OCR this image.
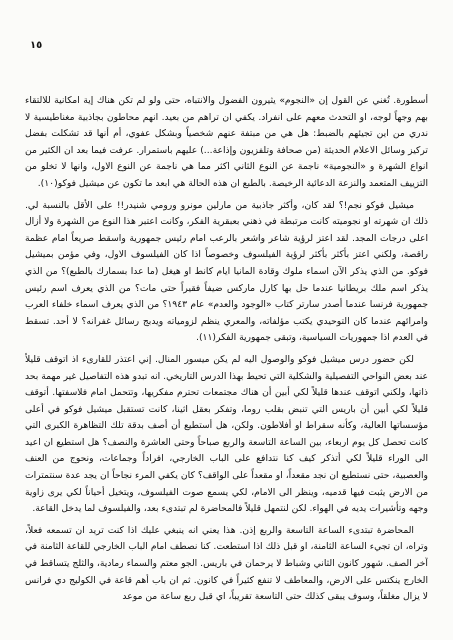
١٥

أسطورة. تُغني عن القول إن «النجوم» يثيرون الفضول والانتباه، حتى ولو لم تكن هناك إية امكانية للالتقاء بهم وجهاً لوجه، او التحدث معهم على انفراد. يكفي ان تراهم من بعيد. انهم محاطون بجاذبية مغناطيسية لا ندري من اين تجيئهم بالضبط: هل هي من مبتفة عنهم شخصياً وبشكل عفوي، أم أنها قد تشكلت بفضل تركيز وسائل الاعلام الحديثة (من صحافة وتلفزيون وإذاعة...) عليهم باستمرار. عرفت فيما بعد ان الكثير من انواع الشهرة و «النجومية» ناجمة عن النوع الثاني اكثر مما هي ناجمة عن النوع الاول، وانها لا تخلو من التزييف المتعمد والنزعة الدعائية الرخيصة. بالطبع ان هذه الحالة هي ابعد ما تكون عن ميشيل فوكو(١٠).

ميشيل فوكو نجم!؟ لقد كان، وأكثر جاذبية من مارلين مونرو ورومي شنيدر!! على الأقل بالنسبة لي. ذلك ان شهرته او نجوميته كانت مرتبطة في ذهني بعبقرية الفكر، وكانت اعتبر هذا النوع من الشهرة ولا أزال اعلى درجات المجد. لقد اعتز لرؤية شاعر واشعر بالرعب امام رئيس جمهورية واسقط صريعاً امام عظمة راقصة، ولكني اعتز بأكثر بأكثر لرؤية الفيلسوف وخصوصاً اذا كان الفيلسوف الاول، وفي مؤمن بميشيل فوكو. من الذي يذكر الآن اسماء ملوك وقادة المانيا ايام كانط او هيغل (ما عدا بسمارك بالطبع)؟ من الذي يذكر اسم ملك بريطانيا عندما حل بها كارل ماركس ضيفاً فقيراً حتى مات؟ من الذي يعرف اسم رئيس جمهورية فرنسا عندما أصدر سارتر كتاب «الوجود والعدم» عام ١٩٤٣؟ من الذي يعرف اسماء خلفاء العرب وامرائهم عندما كان التوحيدي يكتب مؤلفاته، والمعري ينظم لزومياته ويدبج رسائل غفرانه؟ لا أحد. تسقط في العدم اذا جمهوريات السياسية، وتبقى جمهورية الفكر(١١).

لكن حضور درس ميشيل فوكو والوصول اليه لم يكن ميسور المنال. إني اعتذر للقارىء اذ اتوقف قليلاً عند بعض النواحي التفصيلية والشكلية التي تحيط بهذا الدرس التاريخي. انه تبدو هذه التفاصيل غير مهمة بحد ذاتها، ولكني اتوقف عندها قليلاً لكي أبين أن هناك مجتمعات تحترم مفكريها، وتتحمل امام فلاسفتها. أتوقف قليلاً لكي أبين أن باريس التي تنبض بقلب روما، وتفكر بعقل اثينا، كانت تستقبل ميشيل فوكو في أعلى مؤسساتها العالية، وكأنه سقراط او أفلاطون. ولكن، هل أستطيع أن أصف بدقة تلك التظاهرة الكبرى التي كانت تحصل كل يوم اربعاء، بين الساعة التاسعة والربع صباحاً وحتى العاشرة والنصف؟ هل استطيع ان اعيد الى الوراء قليلاً لكي أتذكر كيف كنا نتدافع على الباب الخارجي، افراداً وجماعات، ونحوج من العنف والعصبية، حتى نستطيع ان نجد مقعداً، او مقعداً على الواقف؟ كان يكفي المرء نجاحاً ان يجد عدة سنتمترات من الارض يثبت فيها قدميه، وينظر الى الامام، لكي يسمع صوت الفيلسوف، ويتخيل أحياناً لكي يرى زاوية وجهه وتأشيرات يديه في الهواء. لكن لنتمهل قليلاً فالمحاضرة لم تبتدىء بعد، والفيلسوف لما يدخل القاعة.

المحاضرة تبتدىء الساعة التاسعة والربع إذن. هذا يعني انه ينبغي عليك اذا كنت تريد ان تسمعه فعلاً، وتراه، ان تجيء الساعة الثامنة، او قبل ذلك اذا استطعت. كنا نصطف امام الباب الخارجي للقاعة الثامنة في آخر الصف. شهور كانون الثاني وشباط لا يرحمان في باريس. الجو معتم والسماء رمادية، والثلج يتساقط في الخارج ينكتس على الارض، والمعاطف لا تنفع كثيراً في كانون. ثم ان باب أهم قاعة في الكوليج دي فرانس لا يزال مغلقاً، وسوف يبقى كذلك حتى التاسعة تقريباً، اي قبل ربع ساعة من موعد
